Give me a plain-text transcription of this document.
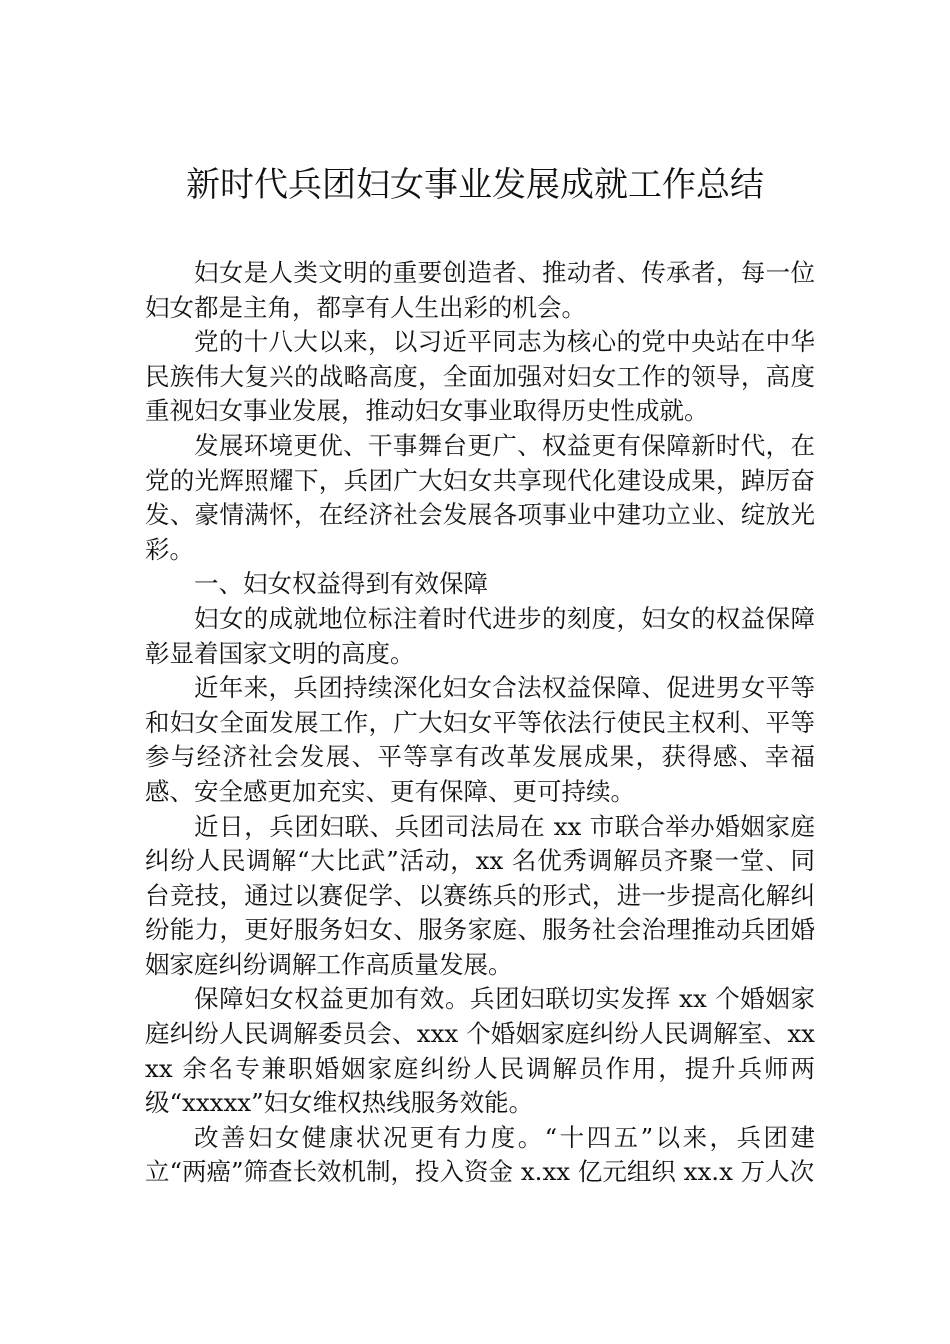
新时代兵团妇女事业发展成就工作总结

妇女是人类文明的重要创造者、推动者、传承者，每一位妇女都是主角，都享有人生出彩的机会。

党的十八大以来，以习近平同志为核心的党中央站在中华民族伟大复兴的战略高度，全面加强对妇女工作的领导，高度重视妇女事业发展，推动妇女事业取得历史性成就。

发展环境更优、干事舞台更广、权益更有保障新时代，在党的光辉照耀下，兵团广大妇女共享现代化建设成果，踔厉奋发、豪情满怀，在经济社会发展各项事业中建功立业、绽放光彩。

一、妇女权益得到有效保障

妇女的成就地位标注着时代进步的刻度，妇女的权益保障彰显着国家文明的高度。

近年来，兵团持续深化妇女合法权益保障、促进男女平等和妇女全面发展工作，广大妇女平等依法行使民主权利、平等参与经济社会发展、平等享有改革发展成果，获得感、幸福感、安全感更加充实、更有保障、更可持续。

近日，兵团妇联、兵团司法局在 xx 市联合举办婚姻家庭纠纷人民调解“大比武”活动，xx 名优秀调解员齐聚一堂、同台竞技，通过以赛促学、以赛练兵的形式，进一步提高化解纠纷能力，更好服务妇女、服务家庭、服务社会治理推动兵团婚姻家庭纠纷调解工作高质量发展。

保障妇女权益更加有效。兵团妇联切实发挥 xx 个婚姻家庭纠纷人民调解委员会、xxx 个婚姻家庭纠纷人民调解室、xxxx 余名专兼职婚姻家庭纠纷人民调解员作用，提升兵师两级“xxxxx”妇女维权热线服务效能。

改善妇女健康状况更有力度。“十四五”以来，兵团建立“两癌”筛查长效机制，投入资金 x.xx 亿元组织 xx.x 万人次
